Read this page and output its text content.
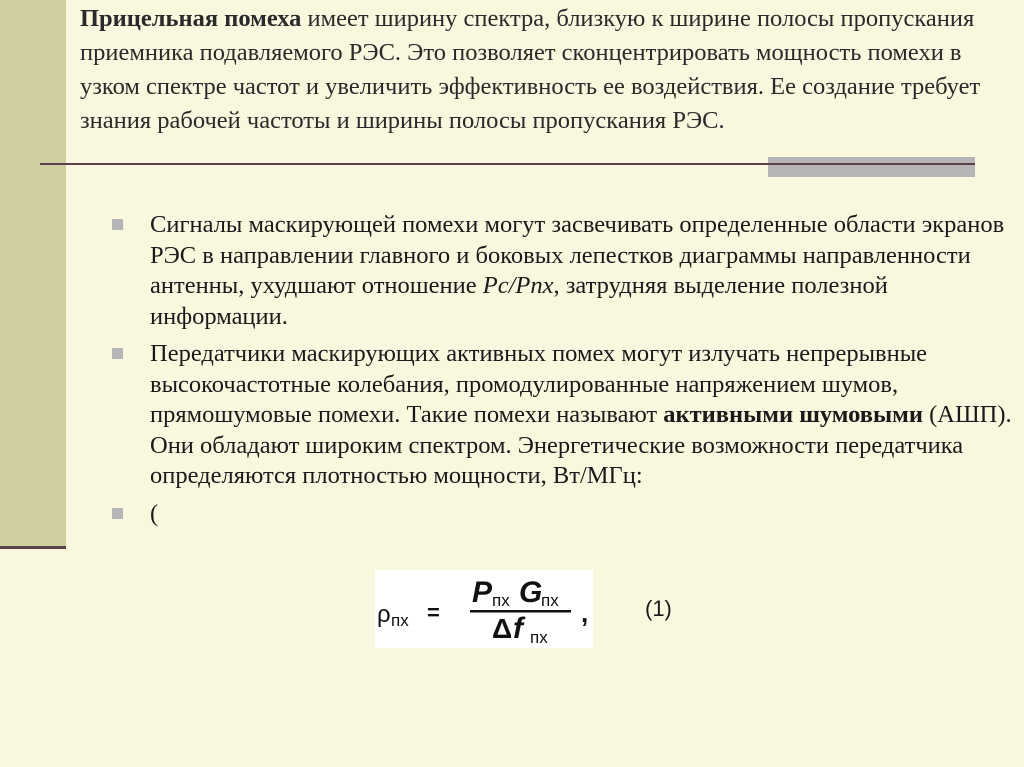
Прицельная помеха имеет ширину спектра, близкую к ширине полосы пропускания приемника подавляемого РЭС. Это позволяет сконцентрировать мощность помехи в узком спектре частот и увеличить эффективность ее воздействия. Ее создание требует знания рабочей частоты и ширины полосы пропускания РЭС.

Сигналы маскирующей помехи могут засвечивать определенные области экранов РЭС в направлении главного и боковых лепестков диаграммы направленности антенны, ухудшают отношение Рс/Рпх, затрудняя выделение полезной информации.
Передатчики маскирующих активных помех могут излучать непрерывные высокочастотные колебания, промодулированные напряжением шумов, прямошумовые помехи. Такие помехи называют активными шумовыми (АШП). Они обладают широким спектром. Энергетические возможности передатчика определяются плотностью мощности, Вт/МГц:
(
ρ пх =
P пх G
пх
Δ f пх
,	(1)
